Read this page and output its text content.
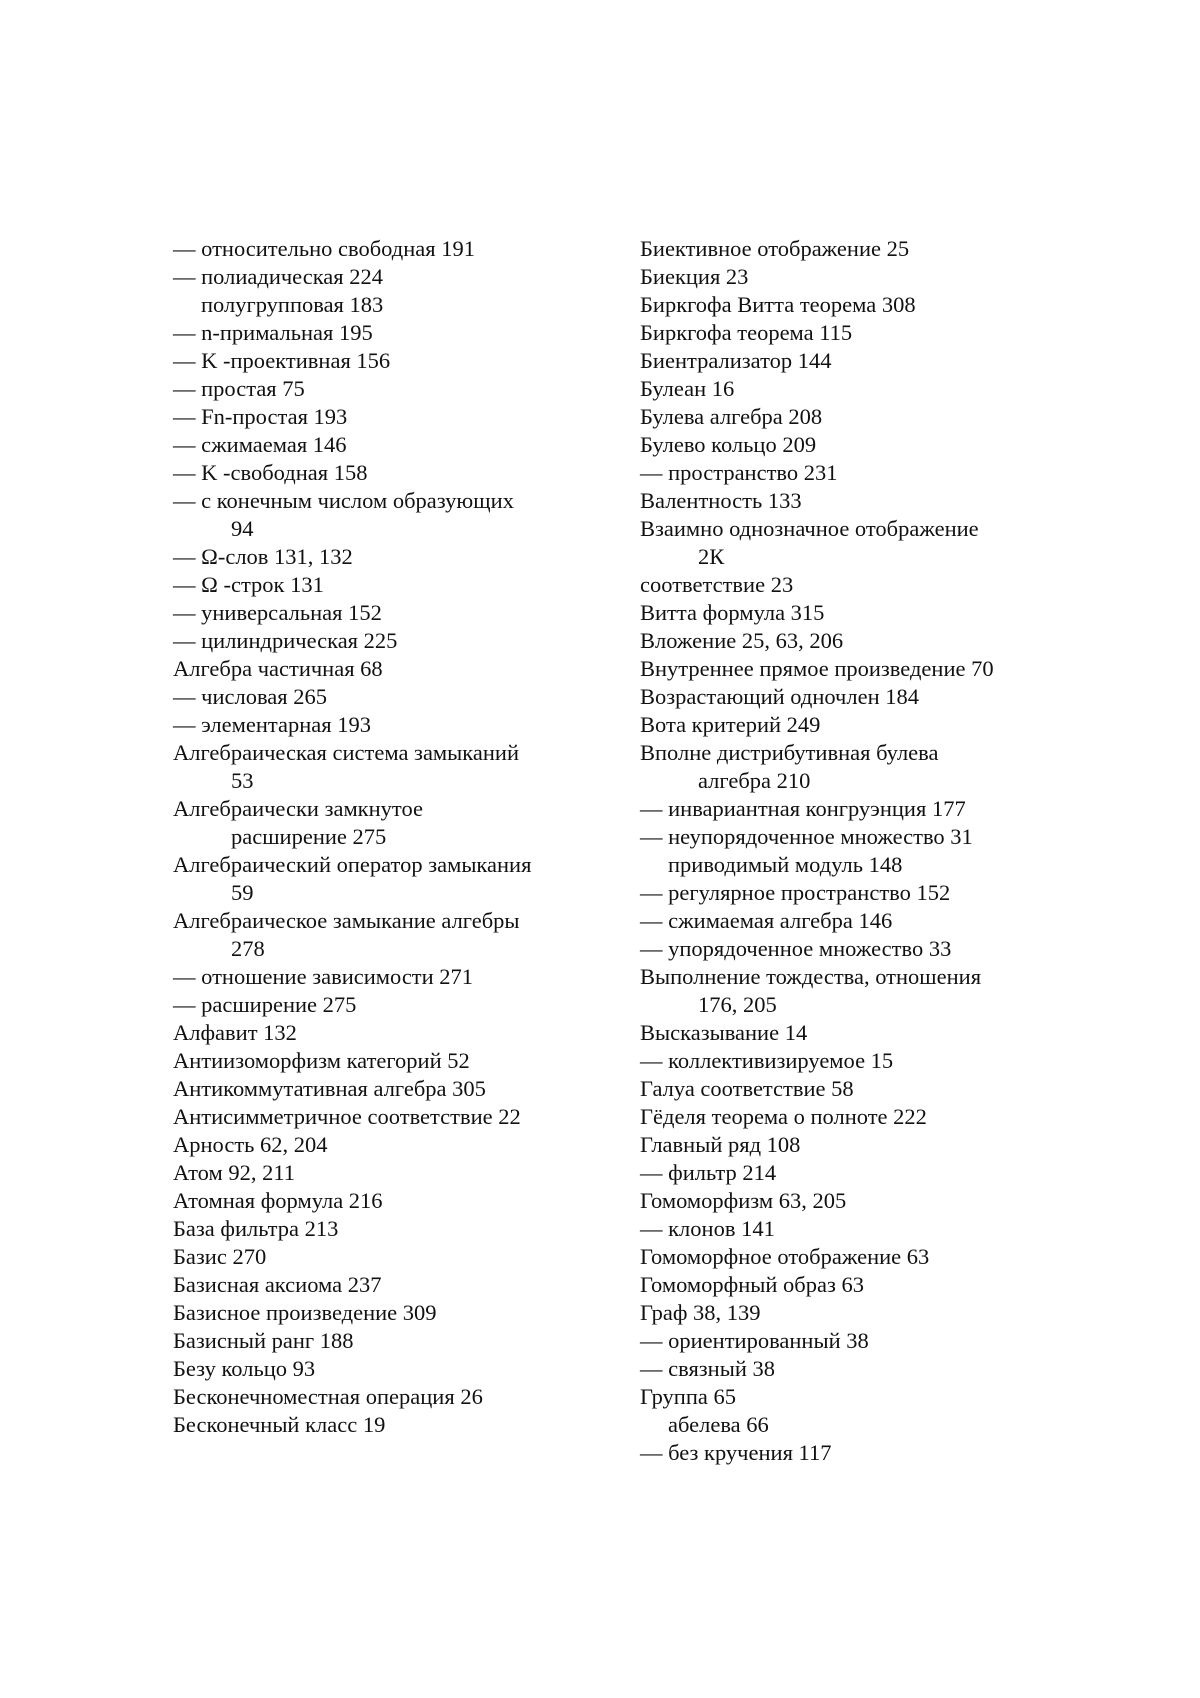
— относительно свободная 191
— полиадическая 224
полугрупповая 183
— n-примальная 195
— K -проективная 156
— простая 75
— Fn-простая 193
— сжимаемая 146
— K -свободная 158
— с конечным числом образующих
94
— Ω-слов 131, 132
— Ω -строк 131
— универсальная 152
— цилиндрическая 225
Алгебра частичная 68
— числовая 265
— элементарная 193
Алгебраическая система замыканий
53
Алгебраически замкнутое
расширение 275
Алгебраический оператор замыкания
59
Алгебраическое замыкание алгебры
278
— отношение зависимости 271
— расширение 275
Алфавит 132
Антиизоморфизм категорий 52
Антикоммутативная алгебра 305
Антисимметричное соответствие 22
Арность 62, 204
Атом 92, 211
Атомная формула 216
База фильтра 213
Базис 270
Базисная аксиома 237
Базисное произведение 309
Базисный ранг 188
Безу кольцо 93
Бесконечноместная операция 26
Бесконечный класс 19
Биективное отображение 25
Биекция 23
Биркгофа Витта теорема 308
Биркгофа теорема 115
Биентрализатор 144
Булеан 16
Булева алгебра 208
Булево кольцо 209
— пространство 231
Валентность 133
Взаимно однозначное отображение
2К
соответствие 23
Витта формула 315
Вложение 25, 63, 206
Внутреннее прямое произведение 70
Возрастающий одночлен 184
Вота критерий 249
Вполне дистрибутивная булева
алгебра 210
— инвариантная конгруэнция 177
— неупорядоченное множество 31
приводимый модуль 148
— регулярное пространство 152
— сжимаемая алгебра 146
— упорядоченное множество 33
Выполнение тождества, отношения
176, 205
Высказывание 14
— коллективизируемое 15
Галуа соответствие 58
Гёделя теорема о полноте 222
Главный ряд 108
— фильтр 214
Гомоморфизм 63, 205
— клонов 141
Гомоморфное отображение 63
Гомоморфный образ 63
Граф 38, 139
— ориентированный 38
— связный 38
Группа 65
абелева 66
— без кручения 117
